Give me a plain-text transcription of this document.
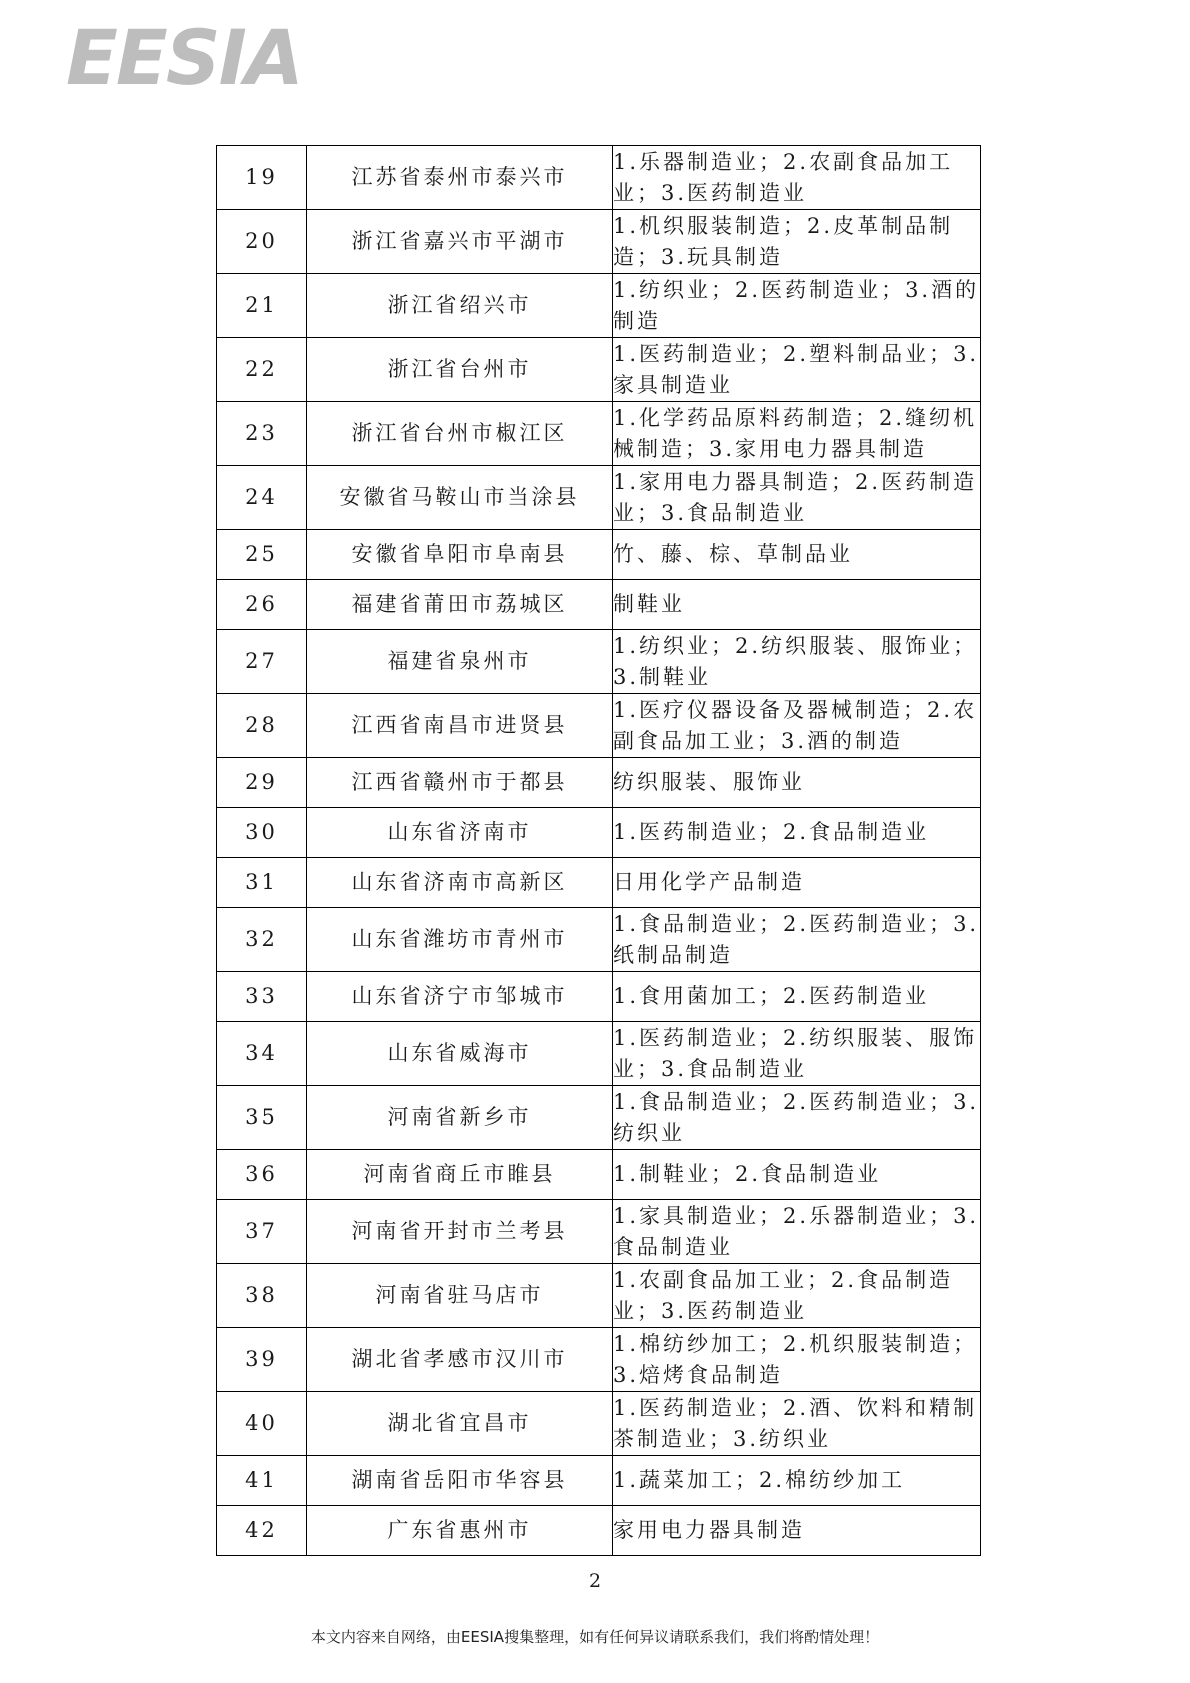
EESIA
19	江苏省泰州市泰兴市	1.乐器制造业；2.农副食品加工业；3.医药制造业
20	浙江省嘉兴市平湖市	1.机织服装制造；2.皮革制品制造；3.玩具制造
21	浙江省绍兴市	1.纺织业；2.医药制造业；3.酒的制造
22	浙江省台州市	1.医药制造业；2.塑料制品业；3.家具制造业
23	浙江省台州市椒江区	1.化学药品原料药制造；2.缝纫机械制造；3.家用电力器具制造
24	安徽省马鞍山市当涂县	1.家用电力器具制造；2.医药制造业；3.食品制造业
25	安徽省阜阳市阜南县	竹、藤、棕、草制品业
26	福建省莆田市荔城区	制鞋业
27	福建省泉州市	1.纺织业；2.纺织服装、服饰业；3.制鞋业
28	江西省南昌市进贤县	1.医疗仪器设备及器械制造；2.农副食品加工业；3.酒的制造
29	江西省赣州市于都县	纺织服装、服饰业
30	山东省济南市	1.医药制造业；2.食品制造业
31	山东省济南市高新区	日用化学产品制造
32	山东省潍坊市青州市	1.食品制造业；2.医药制造业；3.纸制品制造
33	山东省济宁市邹城市	1.食用菌加工；2.医药制造业
34	山东省威海市	1.医药制造业；2.纺织服装、服饰业；3.食品制造业
35	河南省新乡市	1.食品制造业；2.医药制造业；3.纺织业
36	河南省商丘市睢县	1.制鞋业；2.食品制造业
37	河南省开封市兰考县	1.家具制造业；2.乐器制造业；3.食品制造业
38	河南省驻马店市	1.农副食品加工业；2.食品制造业；3.医药制造业
39	湖北省孝感市汉川市	1.棉纺纱加工；2.机织服装制造；3.焙烤食品制造
40	湖北省宜昌市	1.医药制造业；2.酒、饮料和精制茶制造业；3.纺织业
41	湖南省岳阳市华容县	1.蔬菜加工；2.棉纺纱加工
42	广东省惠州市	家用电力器具制造
2
本文内容来自网络，由EESIA搜集整理，如有任何异议请联系我们，我们将酌情处理！
